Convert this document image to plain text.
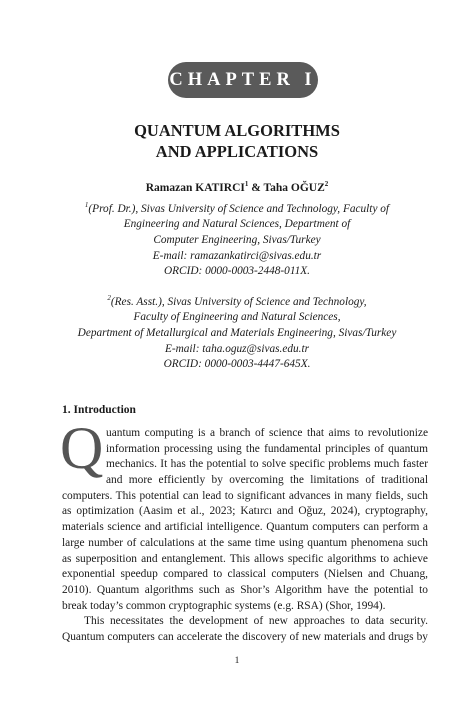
CHAPTER I
QUANTUM ALGORITHMS
AND APPLICATIONS
Ramazan KATIRCI$^1$ & Taha OĞUZ$^2$
$^1$(Prof. Dr.), Sivas University of Science and Technology, Faculty of
Engineering and Natural Sciences, Department of
Computer Engineering, Sivas/Turkey
E-mail: ramazankatirci@sivas.edu.tr
ORCID: 0000-0003-2448-011X.
$^2$(Res. Asst.), Sivas University of Science and Technology,
Faculty of Engineering and Natural Sciences,
Department of Metallurgical and Materials Engineering, Sivas/Turkey
E-mail: taha.oguz@sivas.edu.tr
ORCID: 0000-0003-4447-645X.
1. Introduction
Q uantum computing is a branch of science that aims to revolutionize
information processing using the fundamental principles of quantum
mechanics. It has the potential to solve specific problems much faster
and more efficiently by overcoming the limitations of traditional
computers. This potential can lead to significant advances in many fields, such
as optimization (Aasim et al., 2023; Katırcı and Oğuz, 2024), cryptography,
materials science and artificial intelligence. Quantum computers can perform a
large number of calculations at the same time using quantum phenomena such
as superposition and entanglement. This allows specific algorithms to achieve
exponential speedup compared to classical computers (Nielsen and Chuang,
2010). Quantum algorithms such as Shor’s Algorithm have the potential to
break today’s common cryptographic systems (e.g. RSA) (Shor, 1994).
This necessitates the development of new approaches to data security.
Quantum computers can accelerate the discovery of new materials and drugs by
1
